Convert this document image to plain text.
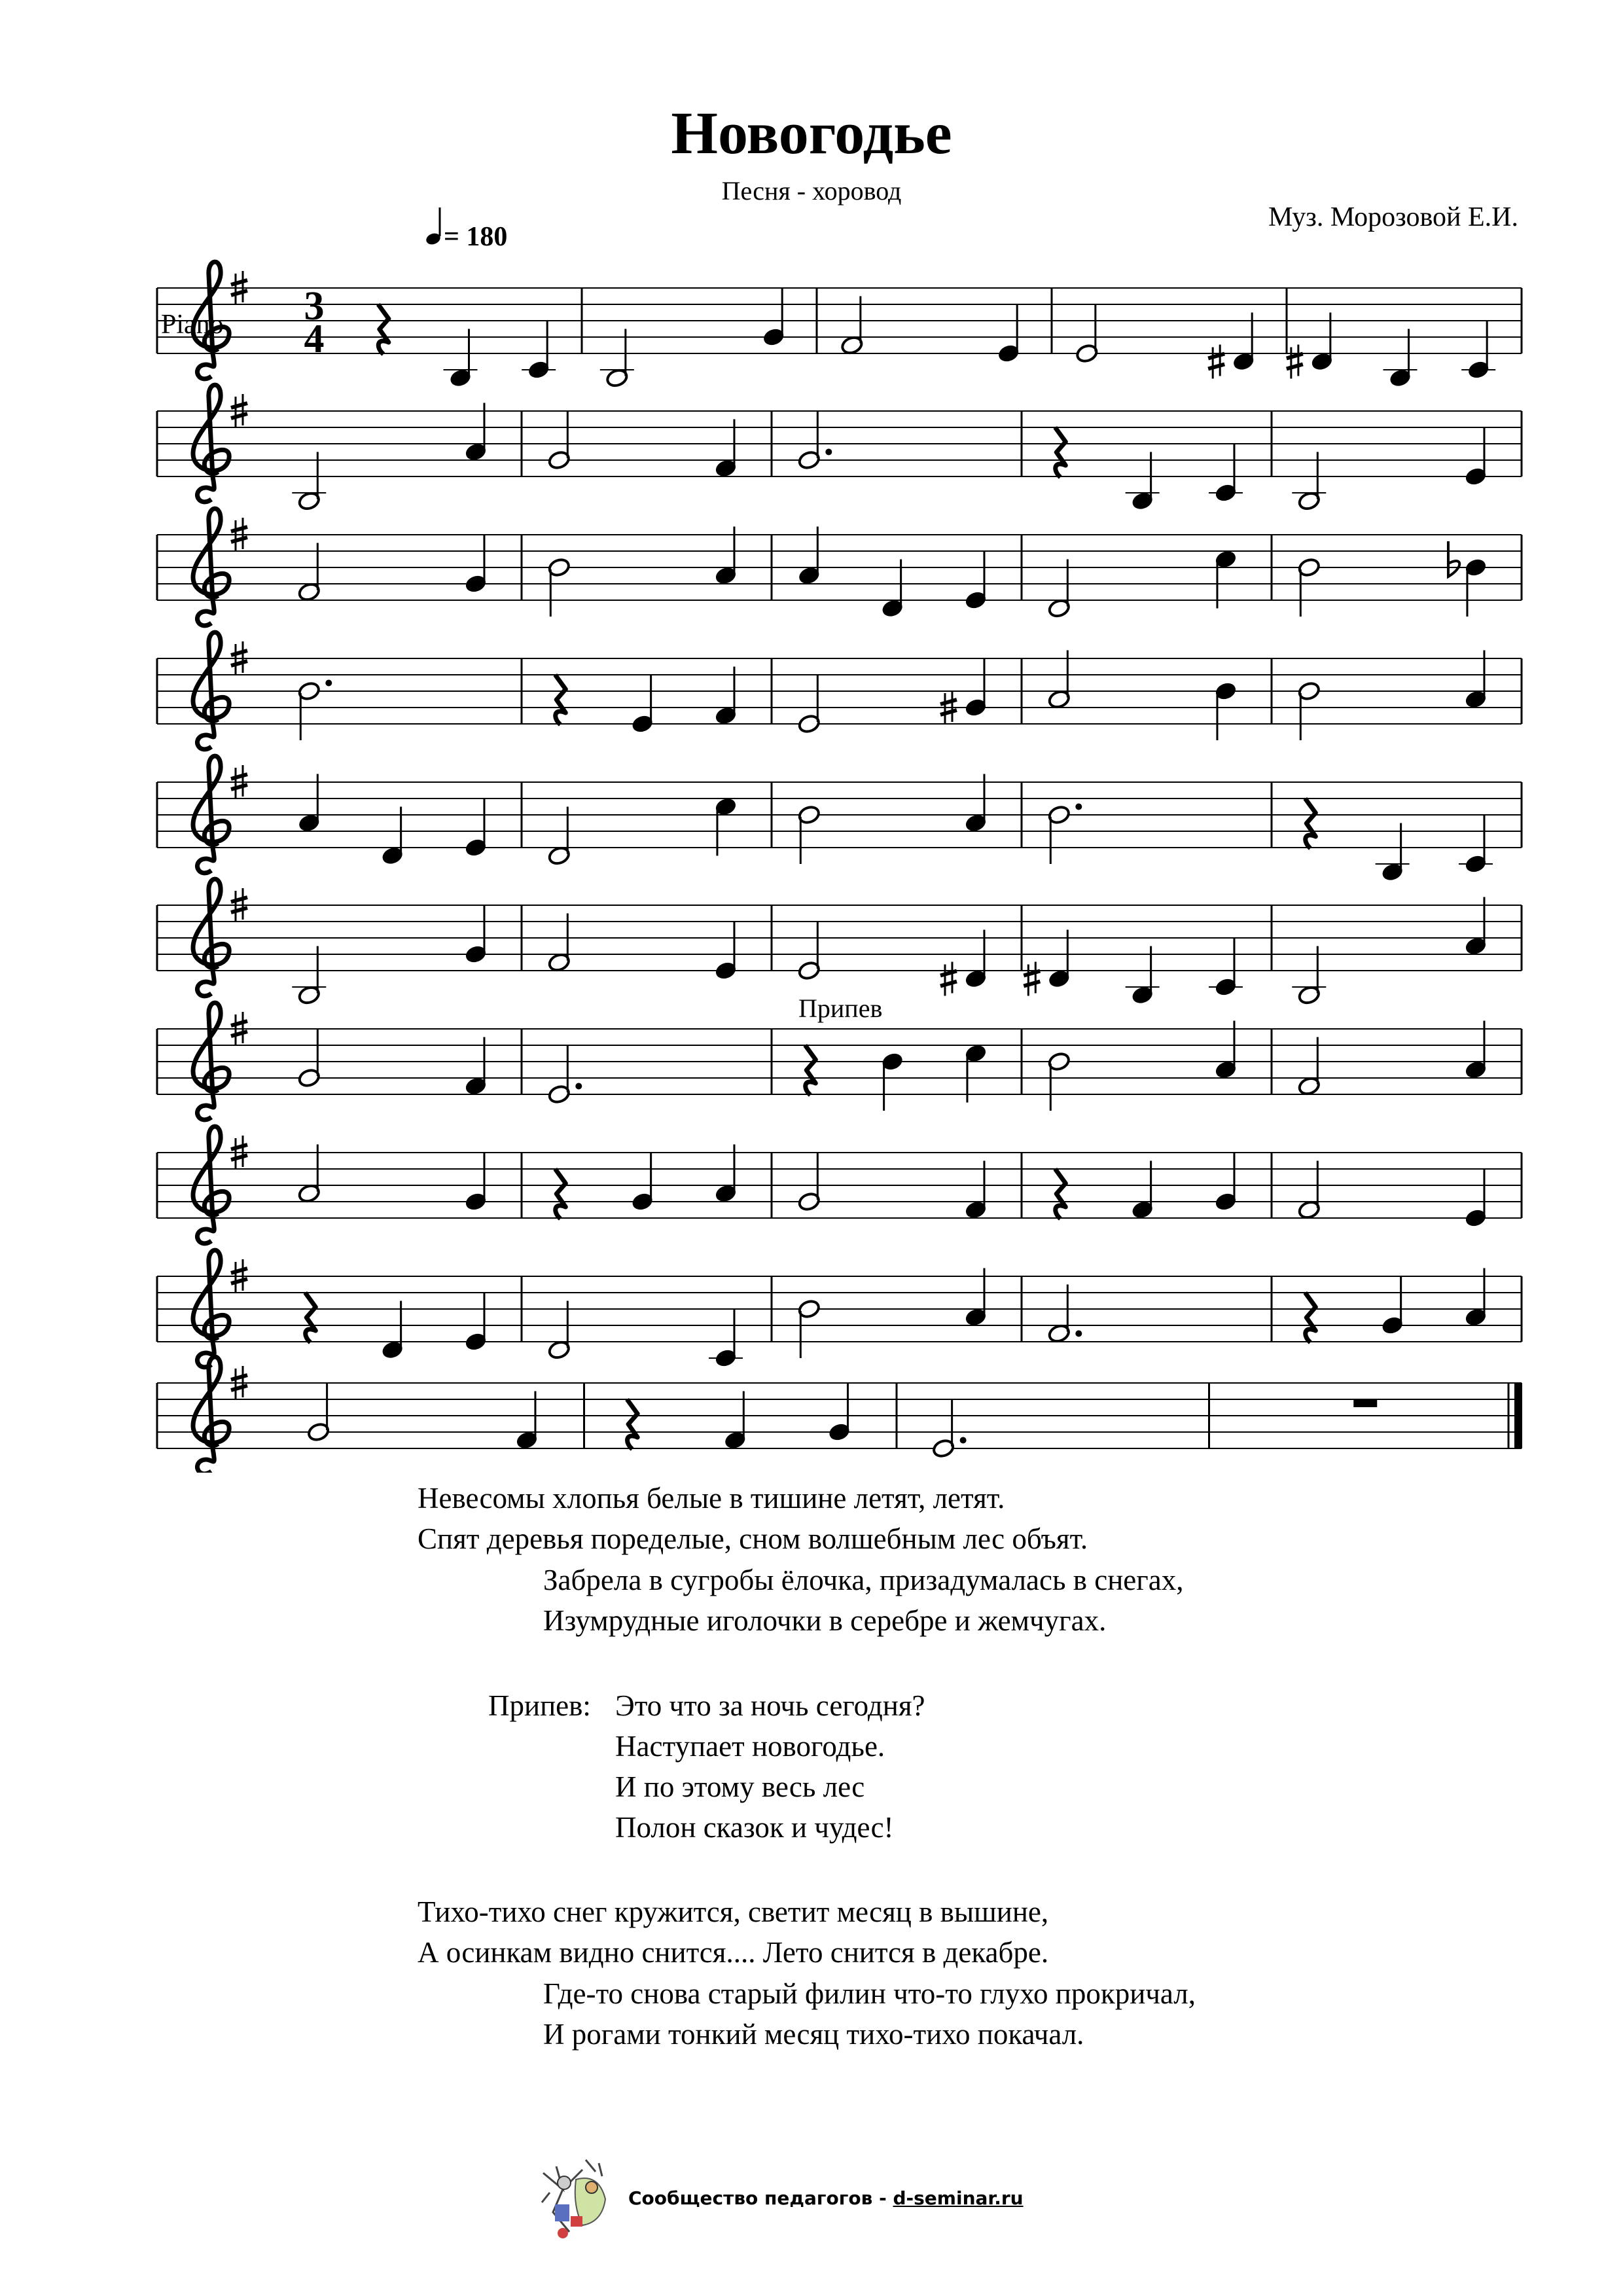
Новогодье
Песня - хоровод
= 180
Муз. Морозовой Е.И.
Piano 3
4
Припев
Невесомы хлопья белые в тишине летят, летят.
Спят деревья поределые, сном волшебным лес объят.
Забрела в сугробы ёлочка, призадумалась в снегах,
Изумрудные иголочки в серебре и жемчугах.
Припев: Это что за ночь сегодня?
Наступает новогодье.
И по этому весь лес
Полон сказок и чудес!
Тихо-тихо снег кружится, светит месяц в вышине,
А осинкам видно снится.... Лето снится в декабре.
Где-то снова старый филин что-то глухо прокричал,
И рогами тонкий месяц тихо-тихо покачал.
Сообщество педагогов - d-seminar.ru
